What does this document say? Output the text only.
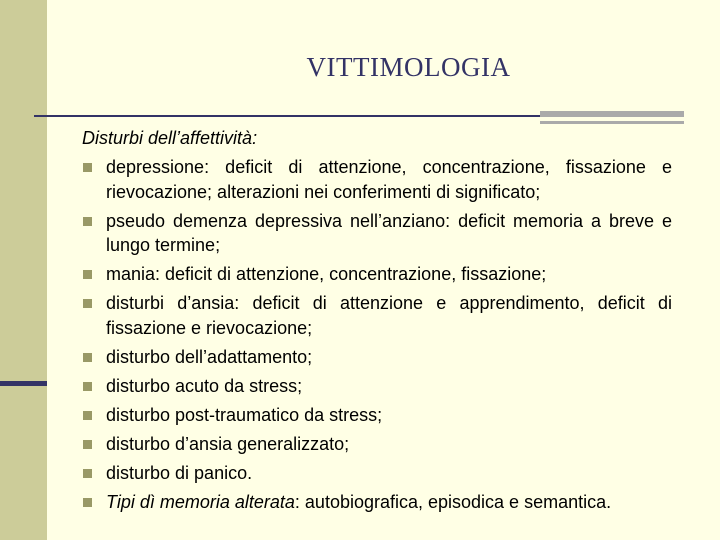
VITTIMOLOGIA
Disturbi dell’affettività:
depressione: deficit di attenzione, concentrazione, fissazione e rievocazione; alterazioni nei conferimenti di significato;
pseudo demenza depressiva nell’anziano: deficit memoria a breve e lungo termine;
mania: deficit di attenzione, concentrazione, fissazione;
disturbi d’ansia: deficit di attenzione e apprendimento, deficit di fissazione e rievocazione;
disturbo dell’adattamento;
disturbo acuto da stress;
disturbo post-traumatico da stress;
disturbo d’ansia generalizzato;
disturbo di panico.
Tipi dì memoria alterata: autobiografica, episodica e semantica.
